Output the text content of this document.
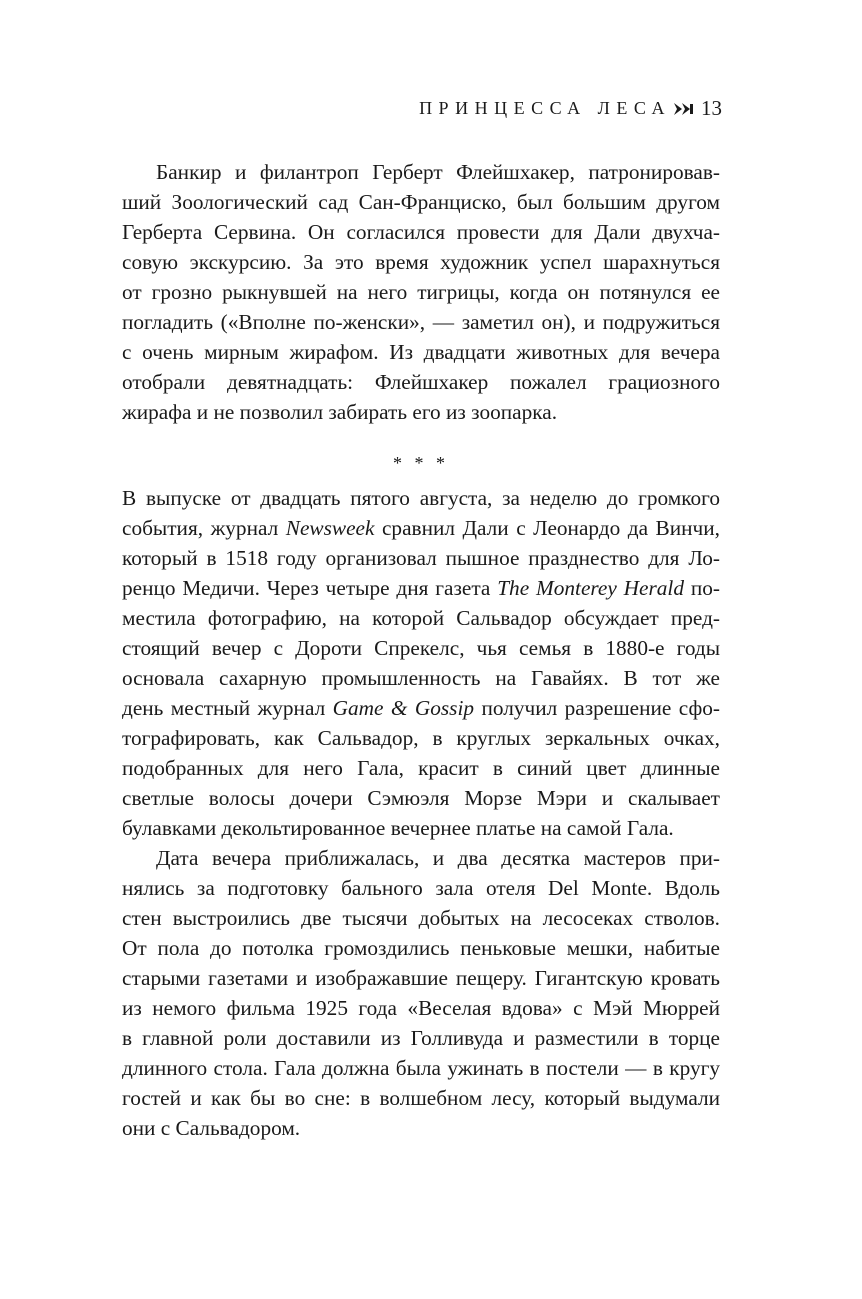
ПРИНЦЕССА ЛЕСА 13
Банкир и филантроп Герберт Флейшхакер, патронировав-
ший Зоологический сад Сан-Франциско, был большим другом
Герберта Сервина. Он согласился провести для Дали двухча-
совую экскурсию. За это время художник успел шарахнуться
от грозно рыкнувшей на него тигрицы, когда он потянулся ее
погладить («Вполне по-женски», — заметил он), и подружиться
с очень мирным жирафом. Из двадцати животных для вечера
отобрали девятнадцать: Флейшхакер пожалел грациозного
жирафа и не позволил забирать его из зоопарка.
* * *
В выпуске от двадцать пятого августа, за неделю до громкого
события, журнал Newsweek сравнил Дали с Леонардо да Винчи,
который в 1518 году организовал пышное празднество для Ло-
ренцо Медичи. Через четыре дня газета The Monterey Herald по-
местила фотографию, на которой Сальвадор обсуждает пред-
стоящий вечер с Дороти Спрекелс, чья семья в 1880-е годы
основала сахарную промышленность на Гавайях. В тот же
день местный журнал Game & Gossip получил разрешение сфо-
тографировать, как Сальвадор, в круглых зеркальных очках,
подобранных для него Гала, красит в синий цвет длинные
светлые волосы дочери Сэмюэля Морзе Мэри и скалывает
булавками декольтированное вечернее платье на самой Гала.
Дата вечера приближалась, и два десятка мастеров при-
нялись за подготовку бального зала отеля Del Monte. Вдоль
стен выстроились две тысячи добытых на лесосеках стволов.
От пола до потолка громоздились пеньковые мешки, набитые
старыми газетами и изображавшие пещеру. Гигантскую кровать
из немого фильма 1925 года «Веселая вдова» с Мэй Мюррей
в главной роли доставили из Голливуда и разместили в торце
длинного стола. Гала должна была ужинать в постели — в кругу
гостей и как бы во сне: в волшебном лесу, который выдумали
они с Сальвадором.
